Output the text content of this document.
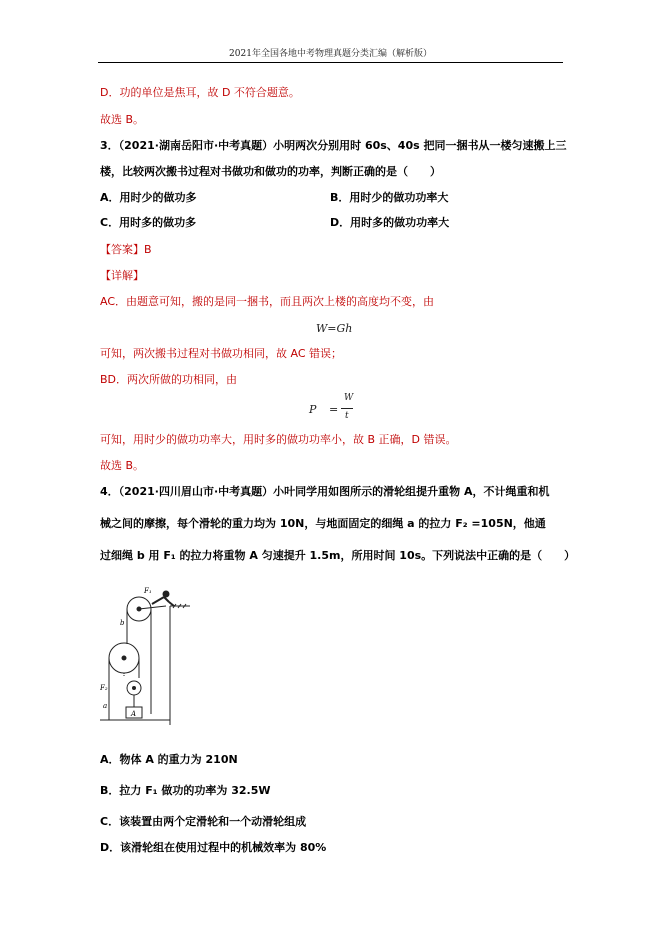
2021年全国各地中考物理真题分类汇编（解析版）
D．功的单位是焦耳，故 D 不符合题意。
故选 B。
3．（2021·湖南岳阳市·中考真题）小明两次分别用时 60s、40s 把同一捆书从一楼匀速搬上三
楼，比较两次搬书过程对书做功和做功的功率，判断正确的是（　　）
A．用时少的做功多	B．用时少的做功功率大
C．用时多的做功多	D．用时多的做功功率大
【答案】B
【详解】
AC．由题意可知，搬的是同一捆书，而且两次上楼的高度均不变，由
W=Gh
可知，两次搬书过程对书做功相同，故 AC 错误；
BD．两次所做的功相同，由
P =
W
t
可知，用时少的做功功率大，用时多的做功功率小，故 B 正确，D 错误。
故选 B。
4．（2021·四川眉山市·中考真题）小叶同学用如图所示的滑轮组提升重物 A，不计绳重和机
械之间的摩擦，每个滑轮的重力均为 10N，与地面固定的细绳 a 的拉力 F₂ =105N，他通
过细绳 b 用 F₁ 的拉力将重物 A 匀速提升 1.5m，所用时间 10s。下列说法中正确的是（　　）
F₁
b
F₂
a
A
A．物体 A 的重力为 210N
B．拉力 F₁ 做功的功率为 32.5W
C．该装置由两个定滑轮和一个动滑轮组成
D．该滑轮组在使用过程中的机械效率为 80%
